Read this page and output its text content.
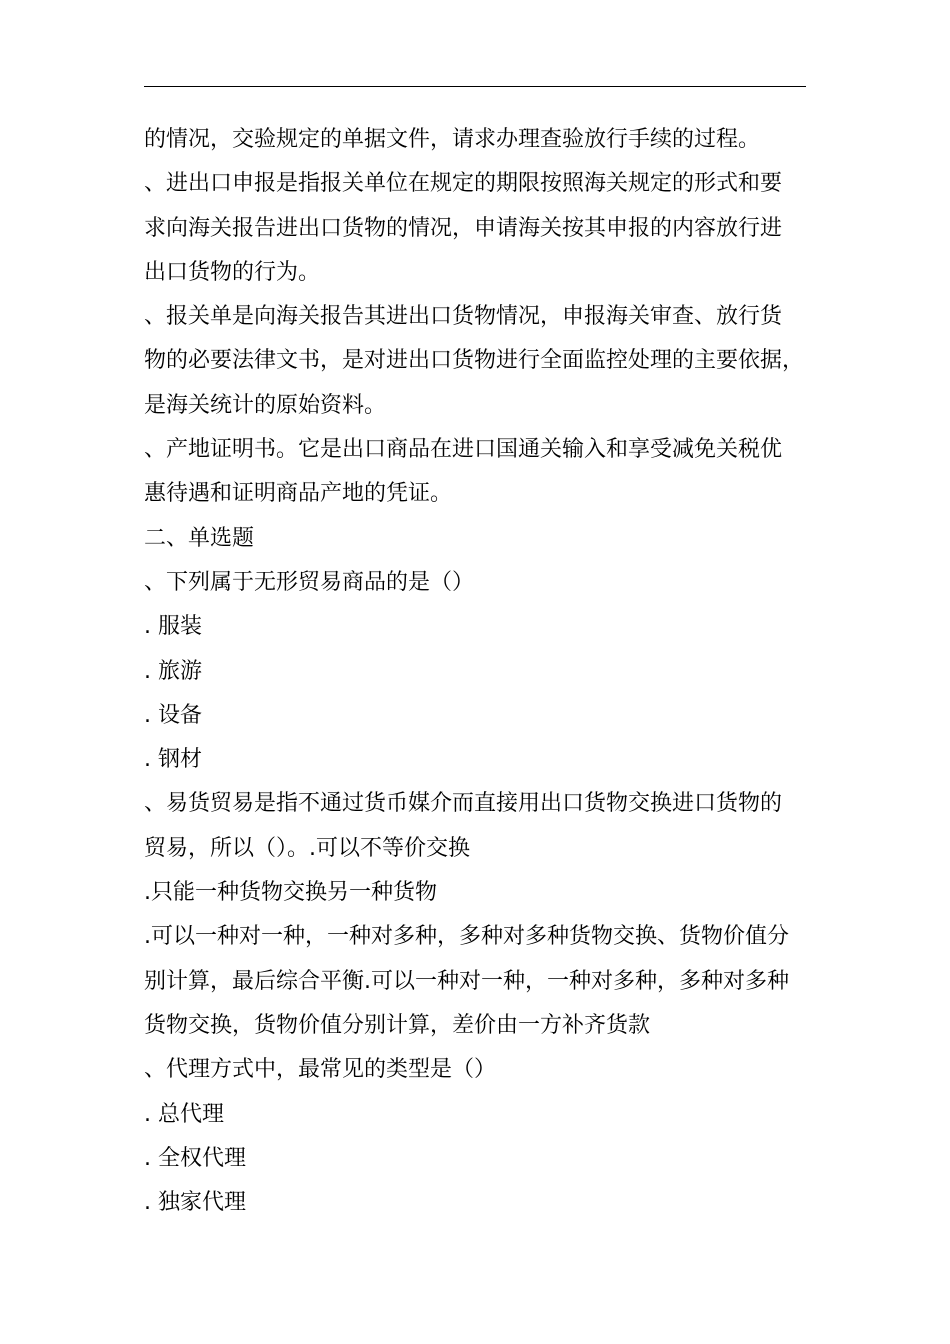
的情况，交验规定的单据文件，请求办理查验放行手续的过程。
、进出口申报是指报关单位在规定的期限按照海关规定的形式和要
求向海关报告进出口货物的情况，申请海关按其申报的内容放行进
出口货物的行为。
、报关单是向海关报告其进出口货物情况，申报海关审查、放行货
物的必要法律文书，是对进出口货物进行全面监控处理的主要依据，
是海关统计的原始资料。
、产地证明书。它是出口商品在进口国通关输入和享受减免关税优
惠待遇和证明商品产地的凭证。
二、单选题
、下列属于无形贸易商品的是（）
. 服装
. 旅游
. 设备
. 钢材
、易货贸易是指不通过货币媒介而直接用出口货物交换进口货物的
贸易，所以（）。.可以不等价交换
.只能一种货物交换另一种货物
.可以一种对一种，一种对多种，多种对多种货物交换、货物价值分
别计算，最后综合平衡.可以一种对一种，一种对多种，多种对多种
货物交换，货物价值分别计算，差价由一方补齐货款
、代理方式中，最常见的类型是（）
. 总代理
. 全权代理
. 独家代理
